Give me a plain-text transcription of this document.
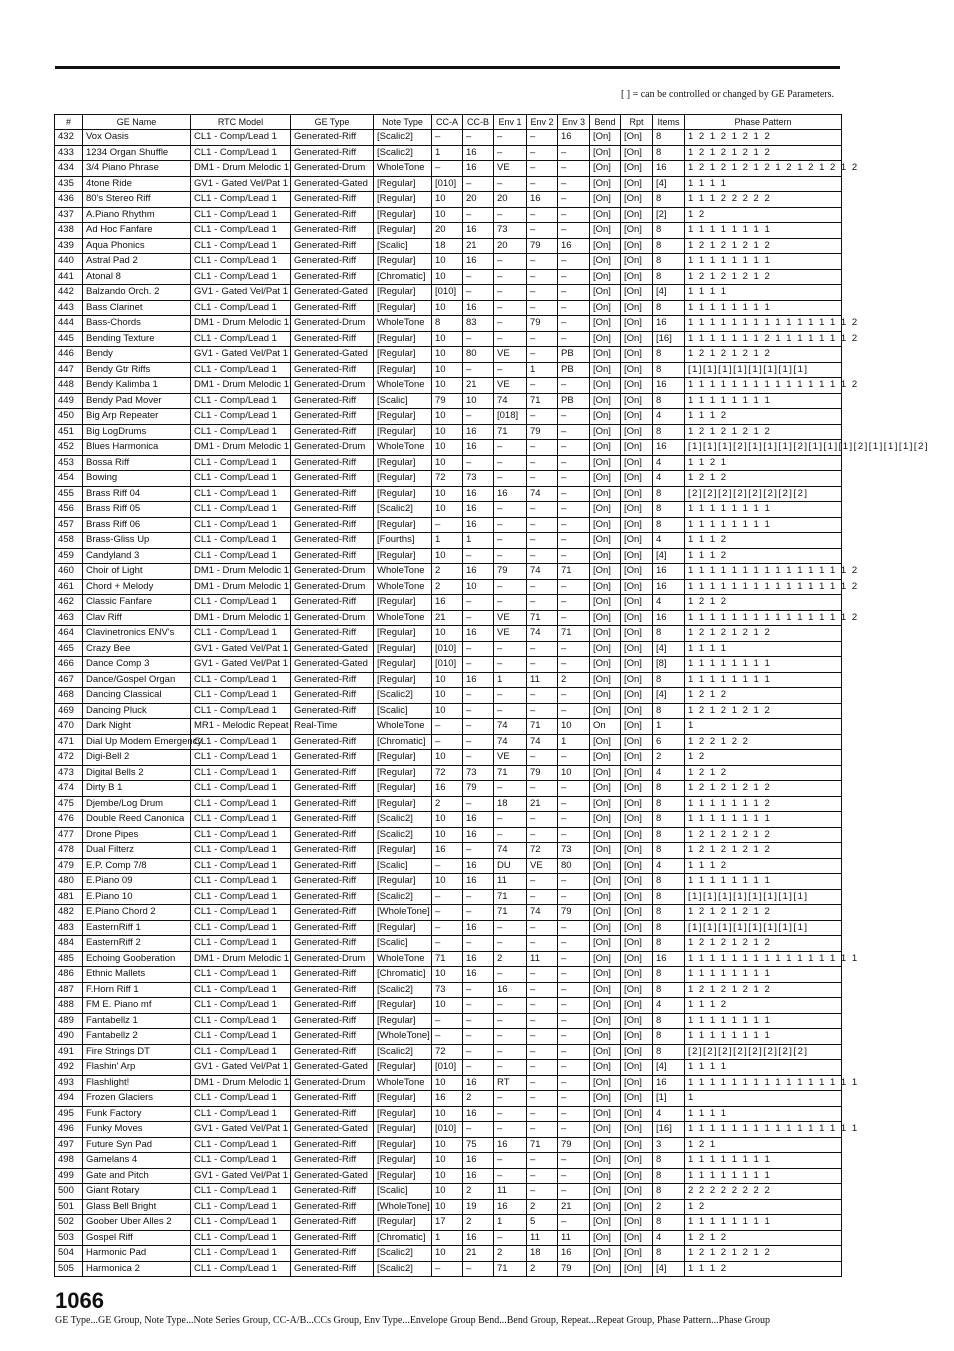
[ ] = can be controlled or changed by GE Parameters.
#	GE Name	RTC Model	GE Type	Note Type	CC-A	CC-B	Env 1	Env 2	Env 3	Bend	Rpt	Items	Phase Pattern
432	Vox Oasis	CL1 - Comp/Lead 1	Generated-Riff	[Scalic2]	–	–	–	–	16	[On]	[On]	8	1 2 1 2 1 2 1 2
433	1234 Organ Shuffle	CL1 - Comp/Lead 1	Generated-Riff	[Scalic2]	1	16	–	–	–	[On]	[On]	8	1 2 1 2 1 2 1 2
434	3/4 Piano Phrase	DM1 - Drum Melodic 1	Generated-Drum	WholeTone	–	16	VE	–	–	[On]	[On]	16	1 2 1 2 1 2 1 2 1 2 1 2 1 2 1 2
435	4tone Ride	GV1 - Gated Vel/Pat 1	Generated-Gated	[Regular]	[010]	–	–	–	–	[On]	[On]	[4]	1 1 1 1
436	80's Stereo Riff	CL1 - Comp/Lead 1	Generated-Riff	[Regular]	10	20	20	16	–	[On]	[On]	8	1 1 1 2 2 2 2 2
437	A.Piano Rhythm	CL1 - Comp/Lead 1	Generated-Riff	[Regular]	10	–	–	–	–	[On]	[On]	[2]	1 2
438	Ad Hoc Fanfare	CL1 - Comp/Lead 1	Generated-Riff	[Regular]	20	16	73	–	–	[On]	[On]	8	1 1 1 1 1 1 1 1
439	Aqua Phonics	CL1 - Comp/Lead 1	Generated-Riff	[Scalic]	18	21	20	79	16	[On]	[On]	8	1 2 1 2 1 2 1 2
440	Astral Pad 2	CL1 - Comp/Lead 1	Generated-Riff	[Regular]	10	16	–	–	–	[On]	[On]	8	1 1 1 1 1 1 1 1
441	Atonal 8	CL1 - Comp/Lead 1	Generated-Riff	[Chromatic]	10	–	–	–	–	[On]	[On]	8	1 2 1 2 1 2 1 2
442	Balzando Orch. 2	GV1 - Gated Vel/Pat 1	Generated-Gated	[Regular]	[010]	–	–	–	–	[On]	[On]	[4]	1 1 1 1
443	Bass Clarinet	CL1 - Comp/Lead 1	Generated-Riff	[Regular]	10	16	–	–	–	[On]	[On]	8	1 1 1 1 1 1 1 1
444	Bass-Chords	DM1 - Drum Melodic 1	Generated-Drum	WholeTone	8	83	–	79	–	[On]	[On]	16	1 1 1 1 1 1 1 1 1 1 1 1 1 1 1 2
445	Bending Texture	CL1 - Comp/Lead 1	Generated-Riff	[Regular]	10	–	–	–	–	[On]	[On]	[16]	1 1 1 1 1 1 1 2 1 1 1 1 1 1 1 2
446	Bendy	GV1 - Gated Vel/Pat 1	Generated-Gated	[Regular]	10	80	VE	–	PB	[On]	[On]	8	1 2 1 2 1 2 1 2
447	Bendy Gtr Riffs	CL1 - Comp/Lead 1	Generated-Riff	[Regular]	10	–	–	1	PB	[On]	[On]	8	[1][1][1][1][1][1][1][1]
448	Bendy Kalimba 1	DM1 - Drum Melodic 1	Generated-Drum	WholeTone	10	21	VE	–	–	[On]	[On]	16	1 1 1 1 1 1 1 1 1 1 1 1 1 1 1 2
449	Bendy Pad Mover	CL1 - Comp/Lead 1	Generated-Riff	[Scalic]	79	10	74	71	PB	[On]	[On]	8	1 1 1 1 1 1 1 1
450	Big Arp Repeater	CL1 - Comp/Lead 1	Generated-Riff	[Regular]	10	–	[018]	–	–	[On]	[On]	4	1 1 1 2
451	Big LogDrums	CL1 - Comp/Lead 1	Generated-Riff	[Regular]	10	16	71	79	–	[On]	[On]	8	1 2 1 2 1 2 1 2
452	Blues Harmonica	DM1 - Drum Melodic 1	Generated-Drum	WholeTone	10	16	–	–	–	[On]	[On]	16	[1][1][1][2][1][1][1][2][1][1][1][2][1][1][1][2]
453	Bossa Riff	CL1 - Comp/Lead 1	Generated-Riff	[Regular]	10	–	–	–	–	[On]	[On]	4	1 1 2 1
454	Bowing	CL1 - Comp/Lead 1	Generated-Riff	[Regular]	72	73	–	–	–	[On]	[On]	4	1 2 1 2
455	Brass Riff 04	CL1 - Comp/Lead 1	Generated-Riff	[Regular]	10	16	16	74	–	[On]	[On]	8	[2][2][2][2][2][2][2][2]
456	Brass Riff 05	CL1 - Comp/Lead 1	Generated-Riff	[Scalic2]	10	16	–	–	–	[On]	[On]	8	1 1 1 1 1 1 1 1
457	Brass Riff 06	CL1 - Comp/Lead 1	Generated-Riff	[Regular]	–	16	–	–	–	[On]	[On]	8	1 1 1 1 1 1 1 1
458	Brass-Gliss Up	CL1 - Comp/Lead 1	Generated-Riff	[Fourths]	1	1	–	–	–	[On]	[On]	4	1 1 1 2
459	Candyland 3	CL1 - Comp/Lead 1	Generated-Riff	[Regular]	10	–	–	–	–	[On]	[On]	[4]	1 1 1 2
460	Choir of Light	DM1 - Drum Melodic 1	Generated-Drum	WholeTone	2	16	79	74	71	[On]	[On]	16	1 1 1 1 1 1 1 1 1 1 1 1 1 1 1 2
461	Chord + Melody	DM1 - Drum Melodic 1	Generated-Drum	WholeTone	2	10	–	–	–	[On]	[On]	16	1 1 1 1 1 1 1 1 1 1 1 1 1 1 1 2
462	Classic Fanfare	CL1 - Comp/Lead 1	Generated-Riff	[Regular]	16	–	–	–	–	[On]	[On]	4	1 2 1 2
463	Clav Riff	DM1 - Drum Melodic 1	Generated-Drum	WholeTone	21	–	VE	71	–	[On]	[On]	16	1 1 1 1 1 1 1 1 1 1 1 1 1 1 1 2
464	Clavinetronics ENV's	CL1 - Comp/Lead 1	Generated-Riff	[Regular]	10	16	VE	74	71	[On]	[On]	8	1 2 1 2 1 2 1 2
465	Crazy Bee	GV1 - Gated Vel/Pat 1	Generated-Gated	[Regular]	[010]	–	–	–	–	[On]	[On]	[4]	1 1 1 1
466	Dance Comp 3	GV1 - Gated Vel/Pat 1	Generated-Gated	[Regular]	[010]	–	–	–	–	[On]	[On]	[8]	1 1 1 1 1 1 1 1
467	Dance/Gospel Organ	CL1 - Comp/Lead 1	Generated-Riff	[Regular]	10	16	1	11	2	[On]	[On]	8	1 1 1 1 1 1 1 1
468	Dancing Classical	CL1 - Comp/Lead 1	Generated-Riff	[Scalic2]	10	–	–	–	–	[On]	[On]	[4]	1 2 1 2
469	Dancing Pluck	CL1 - Comp/Lead 1	Generated-Riff	[Scalic]	10	–	–	–	–	[On]	[On]	8	1 2 1 2 1 2 1 2
470	Dark Night	MR1 - Melodic Repeat	Real-Time	WholeTone	–	–	74	71	10	On	[On]	1	1
471	Dial Up Modem Emergency	CL1 - Comp/Lead 1	Generated-Riff	[Chromatic]	–	–	74	74	1	[On]	[On]	6	1 2 2 1 2 2
472	Digi-Bell 2	CL1 - Comp/Lead 1	Generated-Riff	[Regular]	10	–	VE	–	–	[On]	[On]	2	1 2
473	Digital Bells 2	CL1 - Comp/Lead 1	Generated-Riff	[Regular]	72	73	71	79	10	[On]	[On]	4	1 2 1 2
474	Dirty B 1	CL1 - Comp/Lead 1	Generated-Riff	[Regular]	16	79	–	–	–	[On]	[On]	8	1 2 1 2 1 2 1 2
475	Djembe/Log Drum	CL1 - Comp/Lead 1	Generated-Riff	[Regular]	2	–	18	21	–	[On]	[On]	8	1 1 1 1 1 1 1 2
476	Double Reed Canonica	CL1 - Comp/Lead 1	Generated-Riff	[Scalic2]	10	16	–	–	–	[On]	[On]	8	1 1 1 1 1 1 1 1
477	Drone Pipes	CL1 - Comp/Lead 1	Generated-Riff	[Scalic2]	10	16	–	–	–	[On]	[On]	8	1 2 1 2 1 2 1 2
478	Dual Filterz	CL1 - Comp/Lead 1	Generated-Riff	[Regular]	16	–	74	72	73	[On]	[On]	8	1 2 1 2 1 2 1 2
479	E.P. Comp 7/8	CL1 - Comp/Lead 1	Generated-Riff	[Scalic]	–	16	DU	VE	80	[On]	[On]	4	1 1 1 2
480	E.Piano 09	CL1 - Comp/Lead 1	Generated-Riff	[Regular]	10	16	11	–	–	[On]	[On]	8	1 1 1 1 1 1 1 1
481	E.Piano 10	CL1 - Comp/Lead 1	Generated-Riff	[Scalic2]	–	–	71	–	–	[On]	[On]	8	[1][1][1][1][1][1][1][1]
482	E.Piano Chord 2	CL1 - Comp/Lead 1	Generated-Riff	[WholeTone]	–	–	71	74	79	[On]	[On]	8	1 2 1 2 1 2 1 2
483	EasternRiff 1	CL1 - Comp/Lead 1	Generated-Riff	[Regular]	–	16	–	–	–	[On]	[On]	8	[1][1][1][1][1][1][1][1]
484	EasternRiff 2	CL1 - Comp/Lead 1	Generated-Riff	[Scalic]	–	–	–	–	–	[On]	[On]	8	1 2 1 2 1 2 1 2
485	Echoing Gooberation	DM1 - Drum Melodic 1	Generated-Drum	WholeTone	71	16	2	11	–	[On]	[On]	16	1 1 1 1 1 1 1 1 1 1 1 1 1 1 1 1
486	Ethnic Mallets	CL1 - Comp/Lead 1	Generated-Riff	[Chromatic]	10	16	–	–	–	[On]	[On]	8	1 1 1 1 1 1 1 1
487	F.Horn Riff 1	CL1 - Comp/Lead 1	Generated-Riff	[Scalic2]	73	–	16	–	–	[On]	[On]	8	1 2 1 2 1 2 1 2
488	FM E. Piano mf	CL1 - Comp/Lead 1	Generated-Riff	[Regular]	10	–	–	–	–	[On]	[On]	4	1 1 1 2
489	Fantabellz 1	CL1 - Comp/Lead 1	Generated-Riff	[Regular]	–	–	–	–	–	[On]	[On]	8	1 1 1 1 1 1 1 1
490	Fantabellz 2	CL1 - Comp/Lead 1	Generated-Riff	[WholeTone]	–	–	–	–	–	[On]	[On]	8	1 1 1 1 1 1 1 1
491	Fire Strings DT	CL1 - Comp/Lead 1	Generated-Riff	[Scalic2]	72	–	–	–	–	[On]	[On]	8	[2][2][2][2][2][2][2][2]
492	Flashin' Arp	GV1 - Gated Vel/Pat 1	Generated-Gated	[Regular]	[010]	–	–	–	–	[On]	[On]	[4]	1 1 1 1
493	Flashlight!	DM1 - Drum Melodic 1	Generated-Drum	WholeTone	10	16	RT	–	–	[On]	[On]	16	1 1 1 1 1 1 1 1 1 1 1 1 1 1 1 1
494	Frozen Glaciers	CL1 - Comp/Lead 1	Generated-Riff	[Regular]	16	2	–	–	–	[On]	[On]	[1]	1
495	Funk Factory	CL1 - Comp/Lead 1	Generated-Riff	[Regular]	10	16	–	–	–	[On]	[On]	4	1 1 1 1
496	Funky Moves	GV1 - Gated Vel/Pat 1	Generated-Gated	[Regular]	[010]	–	–	–	–	[On]	[On]	[16]	1 1 1 1 1 1 1 1 1 1 1 1 1 1 1 1
497	Future Syn Pad	CL1 - Comp/Lead 1	Generated-Riff	[Regular]	10	75	16	71	79	[On]	[On]	3	1 2 1
498	Gamelans 4	CL1 - Comp/Lead 1	Generated-Riff	[Regular]	10	16	–	–	–	[On]	[On]	8	1 1 1 1 1 1 1 1
499	Gate and Pitch	GV1 - Gated Vel/Pat 1	Generated-Gated	[Regular]	10	16	–	–	–	[On]	[On]	8	1 1 1 1 1 1 1 1
500	Giant Rotary	CL1 - Comp/Lead 1	Generated-Riff	[Scalic]	10	2	11	–	–	[On]	[On]	8	2 2 2 2 2 2 2 2
501	Glass Bell Bright	CL1 - Comp/Lead 1	Generated-Riff	[WholeTone]	10	19	16	2	21	[On]	[On]	2	1 2
502	Goober Uber Alles 2	CL1 - Comp/Lead 1	Generated-Riff	[Regular]	17	2	1	5	–	[On]	[On]	8	1 1 1 1 1 1 1 1
503	Gospel Riff	CL1 - Comp/Lead 1	Generated-Riff	[Chromatic]	1	16	–	11	11	[On]	[On]	4	1 2 1 2
504	Harmonic Pad	CL1 - Comp/Lead 1	Generated-Riff	[Scalic2]	10	21	2	18	16	[On]	[On]	8	1 2 1 2 1 2 1 2
505	Harmonica 2	CL1 - Comp/Lead 1	Generated-Riff	[Scalic2]	–	–	71	2	79	[On]	[On]	[4]	1 1 1 2
1066
GE Type...GE Group, Note Type...Note Series Group, CC-A/B...CCs Group, Env Type...Envelope Group Bend...Bend Group, Repeat...Repeat Group, Phase Pattern...Phase Group
